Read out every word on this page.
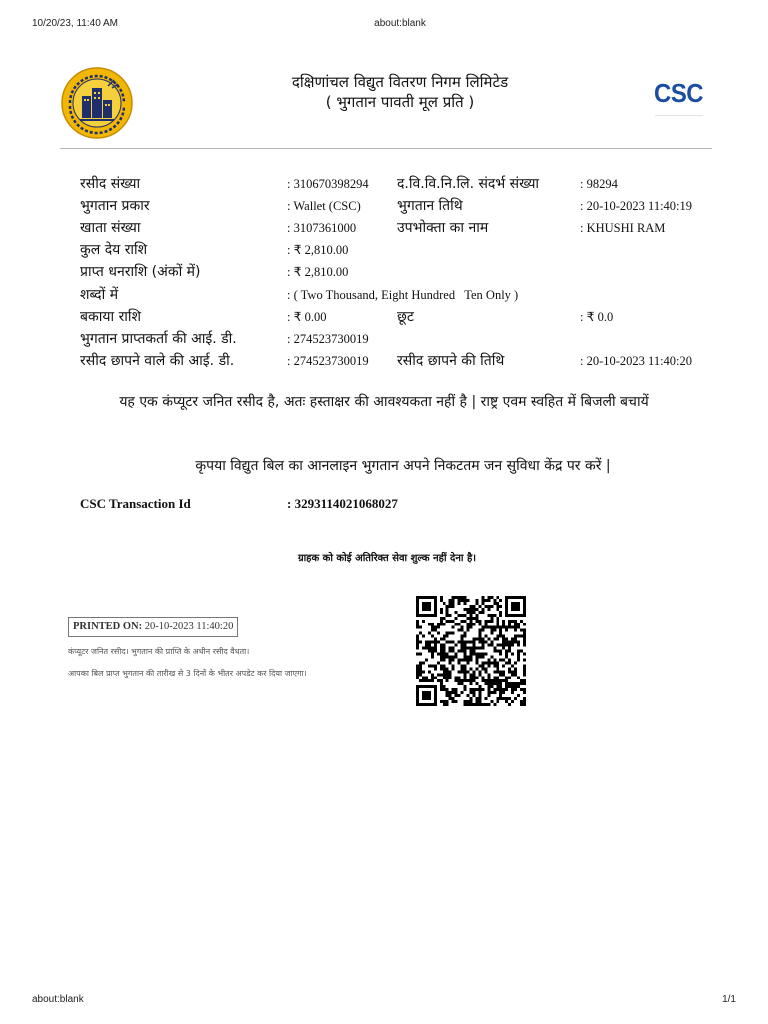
10/20/23, 11:40 AM	about:blank
दक्षिणांचल विद्युत वितरण निगम लिमिटेड
( भुगतान पावती मूल प्रति )	CSC
————————————
रसीद संख्या	: 310670398294 द.वि.वि.नि.लि. संदर्भ संख्या	: 98294
भुगतान प्रकार	: Wallet (CSC)	भुगतान तिथि	: 20-10-2023 11:40:19
खाता संख्या	: 3107361000	उपभोक्ता का नाम	: KHUSHI RAM
कुल देय राशि	: ₹ 2,810.00
प्राप्त धनराशि (अंकों में)	: ₹ 2,810.00
शब्दों में	: ( Two Thousand, Eight Hundred   Ten Only )
बकाया राशि	: ₹ 0.00	छूट	: ₹ 0.0
भुगतान प्राप्तकर्ता की आई. डी.	: 274523730019
रसीद छापने वाले की आई. डी.	: 274523730019 रसीद छापने की तिथि	: 20-10-2023 11:40:20
यह एक कंप्यूटर जनित रसीद है, अतः हस्ताक्षर की आवश्यकता नहीं है | राष्ट्र एवम स्वहित में बिजली बचायें
कृपया विद्युत बिल का आनलाइन भुगतान अपने निकटतम जन सुविधा केंद्र पर करें |
CSC Transaction Id	: 3293114021068027
ग्राहक को कोई अतिरिक्त सेवा शुल्क नहीं देना है।
PRINTED ON: 20-10-2023 11:40:20
कंप्यूटर जनित रसीद। भुगतान की प्राप्ति के अधीन रसीद वैधता।
आपका बिल प्राप्त भुगतान की तारीख से 3 दिनों के भीतर अपडेट कर दिया जाएगा।
about:blank	1/1
